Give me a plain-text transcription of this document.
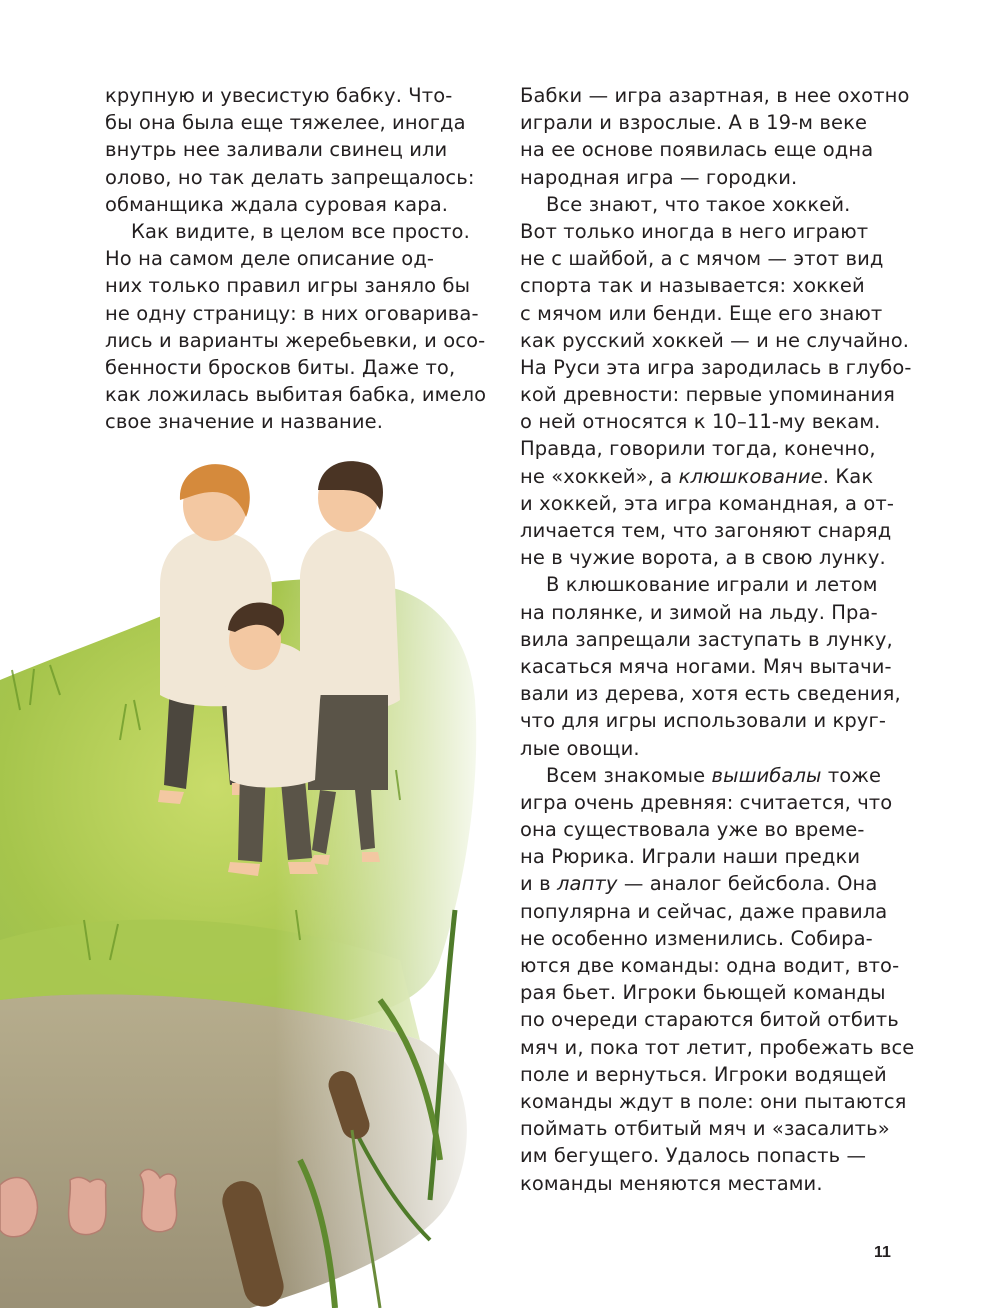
крупную и увесистую бабку. Что-
бы она была еще тяжелее, иногда
внутрь нее заливали свинец или
олово, но так делать запрещалось:
обманщика ждала суровая кара.
Как видите, в целом все просто.
Но на самом деле описание од-
них только правил игры заняло бы
не одну страницу: в них оговарива-
лись и варианты жеребьевки, и осо-
бенности бросков биты. Даже то,
как ложилась выбитая бабка, имело
свое значение и название.
Бабки — игра азартная, в нее охотно
играли и взрослые. А в 19-м веке
на ее основе появилась еще одна
народная игра — городки.
Все знают, что такое хоккей.
Вот только иногда в него играют
не с шайбой, а с мячом — этот вид
спорта так и называется: хоккей
с мячом или бенди. Еще его знают
как русский хоккей — и не случайно.
На Руси эта игра зародилась в глубо-
кой древности: первые упоминания
о ней относятся к 10–11-му векам.
Правда, говорили тогда, конечно,
не «хоккей», а клюшкование. Как
и хоккей, эта игра командная, а от-
личается тем, что загоняют снаряд
не в чужие ворота, а в свою лунку.
В клюшкование играли и летом
на полянке, и зимой на льду. Пра-
вила запрещали заступать в лунку,
касаться мяча ногами. Мяч вытачи-
вали из дерева, хотя есть сведения,
что для игры использовали и круг-
лые овощи.
Всем знакомые вышибалы тоже
игра очень древняя: считается, что
она существовала уже во време-
на Рюрика. Играли наши предки
и в лапту — аналог бейсбола. Она
популярна и сейчас, даже правила
не особенно изменились. Собира-
ются две команды: одна водит, вто-
рая бьет. Игроки бьющей команды
по очереди стараются битой отбить
мяч и, пока тот летит, пробежать все
поле и вернуться. Игроки водящей
команды ждут в поле: они пытаются
поймать отбитый мяч и «засалить»
им бегущего. Удалось попасть —
команды меняются местами.
11
